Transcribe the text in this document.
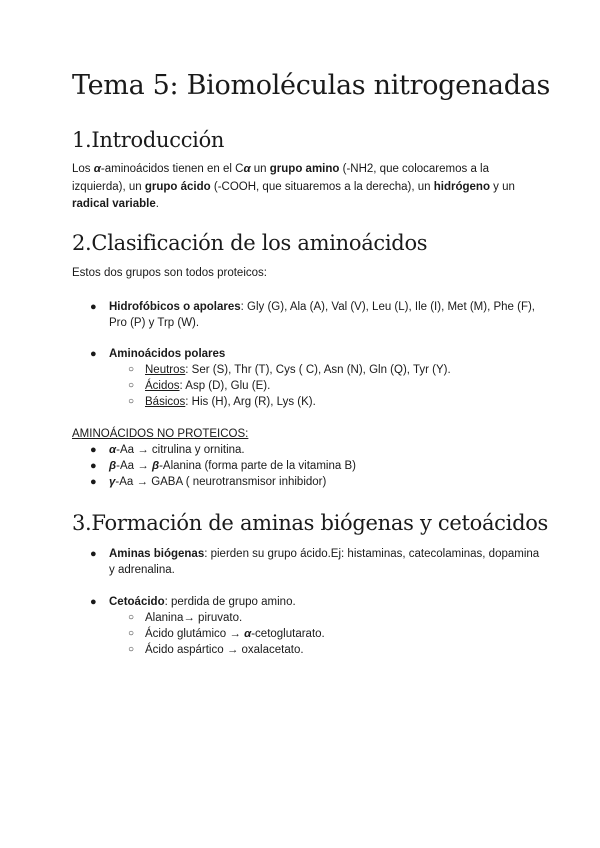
Tema 5: Biomoléculas nitrogenadas
1.Introducción

Los α-aminoácidos tienen en el Cα un grupo amino (-NH2, que colocaremos a la izquierda), un grupo ácido (-COOH, que situaremos a la derecha), un hidrógeno y un radical variable.

2.Clasificación de los aminoácidos

Estos dos grupos son todos proteicos:

● Hidrofóbicos o apolares: Gly (G), Ala (A), Val (V), Leu (L), Ile (I), Met (M), Phe (F), Pro (P) y Trp (W).
● Aminoácidos polares
○ Neutros: Ser (S), Thr (T), Cys ( C), Asn (N), Gln (Q), Tyr (Y).
○ Ácidos: Asp (D), Glu (E).
○ Básicos: His (H), Arg (R), Lys (K).
AMINOÁCIDOS NO PROTEICOS:
● α-Aa → citrulina y ornitina.
● β-Aa → β-Alanina (forma parte de la vitamina B)
● γ-Aa → GABA ( neurotransmisor inhibidor)
3.Formación de aminas biógenas y cetoácidos
● Aminas biógenas: pierden su grupo ácido.Ej: histaminas, catecolaminas, dopamina y adrenalina.
● Cetoácido: perdida de grupo amino.
○ Alanina→ piruvato.
○ Ácido glutámico → α-cetoglutarato.
○ Ácido aspártico → oxalacetato.
